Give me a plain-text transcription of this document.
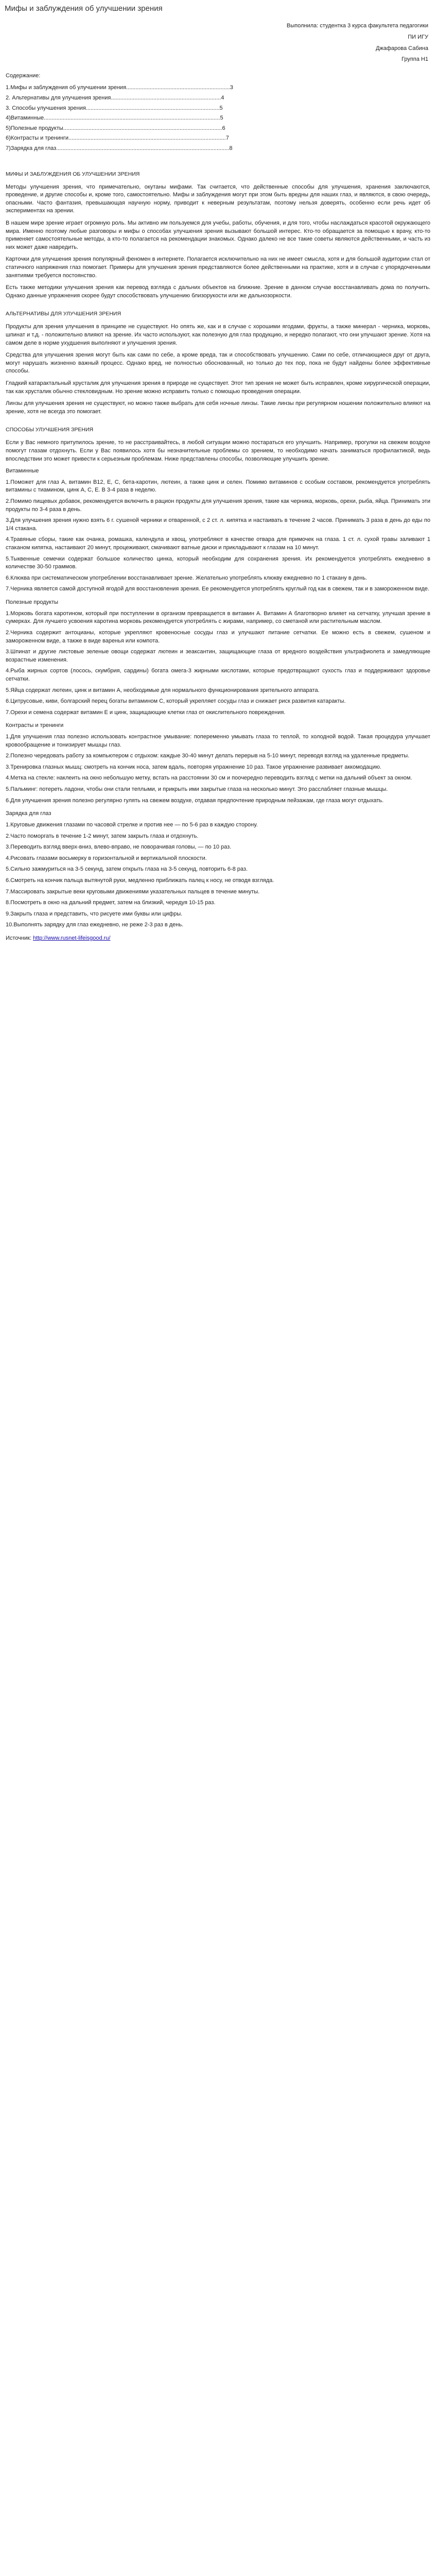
Мифы и заблуждения об улучшении зрения
Выполнила: студентка 3 курса факультета педагогики
ПИ ИГУ
Джафарова Сабина
Группа Н1
Содержание:
1.Мифы и заблуждения об улучшении зрения..................................................................3
2. Альтернативы для улучшения зрения......................................................................4
3. Способы улучшения зрения.....................................................................................5
4)Витаминные................................................................................................................5
5)Полезные продукты.....................................................................................................6
6)Контрасты и тренинги....................................................................................................7
7)Зарядка для глаз..............................................................................................................8
МИФЫ И ЗАБЛУЖДЕНИЯ ОБ УЛУЧШЕНИИ ЗРЕНИЯ

Методы улучшения зрения, что примечательно, окутаны мифами. Так считается, что действенные способы для улучшения, хранения заключаются, проведение, и другие способы и, кроме того, самостоятельно. Мифы и заблуждения могут при этом быть вредны для наших глаз, и являются, в свою очередь, опасными. Часто фантазия, превышающая научную норму, приводит к неверным результатам, поэтому нельзя доверять, особенно если речь идет об экспериментах на зрении.

В нашем мире зрение играет огромную роль. Мы активно им пользуемся для учебы, работы, обучения, и для того, чтобы наслаждаться красотой окружающего мира. Именно поэтому любые разговоры и мифы о способах улучшения зрения вызывают большой интерес. Кто-то обращается за помощью к врачу, кто-то применяет самостоятельные методы, а кто-то полагается на рекомендации знакомых. Однако далеко не все такие советы являются действенными, и часть из них может даже навредить.

Карточки для улучшения зрения популярный феномен в интернете. Полагается исключительно на них не имеет смысла, хотя и для большой аудитории стал от статичного напряжения глаз помогает. Примеры для улучшения зрения представляются более действенными на практике, хотя и в случае с упорядоченными занятиями требуется постоянство.

Есть также методики улучшения зрения как перевод взгляда с дальних объектов на ближние. Зрение в данном случае восстанавливать дома по получить. Однако данные упражнения скорее будут способствовать улучшению близорукости или же дальнозоркости.

АЛЬТЕРНАТИВЫ ДЛЯ УЛУЧШЕНИЯ ЗРЕНИЯ

Продукты для зрения улучшения в принципе не существуют. Но опять же, как и в случае с хорошими ягодами, фрукты, а также минерал - черника, морковь, шпинат и т.д. - положительно влияют на зрение. Их часто используют, как полезную для глаз продукцию, и нередко полагают, что они улучшают зрение. Хотя на самом деле в норме ухудшения выполняют и улучшения зрения.

Средства для улучшения зрения могут быть как сами по себе, а кроме вреда, так и способствовать улучшению. Сами по себе, отличающиеся друг от друга, могут нарушать жизненно важный процесс. Однако вред, не полностью обоснованный, но только до тех пор, пока не будут найдены более эффективные способы.

Гладкий катарактальный хрусталик для улучшения зрения в природе не существует. Этот тип зрения не может быть исправлен, кроме хирургической операции, так как хрусталик обычно стекловидным. Но зрение можно исправить только с помощью проведения операции.

Линзы для улучшения зрения не существуют, но можно также выбрать для себя ночные линзы. Такие линзы при регулярном ношении положительно влияют на зрение, хотя не всегда это помогает.

СПОСОБЫ УЛУЧШЕНИЯ ЗРЕНИЯ

Если у Вас немного притупилось зрение, то не расстраивайтесь, в любой ситуации можно постараться его улучшить. Например, прогулки на свежем воздухе помогут глазам отдохнуть. Если у Вас появилось хотя бы незначительные проблемы со зрением, то необходимо начать заниматься профилактикой, ведь впоследствии это может привести к серьезным проблемам. Ниже представлены способы, позволяющие улучшить зрение.

Витаминные
1.Поможет для глаз A, витамин В12, Е, С, бета-каротин, лютеин, а также цинк и селен. Помимо витаминов с особым составом, рекомендуется употреблять витамины с тиамином, цинк А, С, Е. В 3-4 раза в неделю.
2.Помимо пищевых добавок, рекомендуется включить в рацион продукты для улучшения зрения, такие как черника, морковь, орехи, рыба, яйца. Принимать эти продукты по 3-4 раза в день.
3.Для улучшения зрения нужно взять 6 г. сушеной черники и отваренной, с 2 ст. л. кипятка и настаивать в течение 2 часов. Принимать 3 раза в день до еды по 1/4 стакана.
4.Травяные сборы, такие как очанка, ромашка, календула и хвощ, употребляют в качестве отвара для примочек на глаза. 1 ст. л. сухой травы заливают 1 стаканом кипятка, настаивают 20 минут, процеживают, смачивают ватные диски и прикладывают к глазам на 10 минут.
5.Тыквенные семечки содержат большое количество цинка, который необходим для сохранения зрения. Их рекомендуется употреблять ежедневно в количестве 30-50 граммов.
6.Клюква при систематическом употреблении восстанавливает зрение. Желательно употреблять клюкву ежедневно по 1 стакану в день.
7.Черника является самой доступной ягодой для восстановления зрения. Ее рекомендуется употреблять круглый год как в свежем, так и в замороженном виде.
Полезные продукты
1.Морковь богата каротином, который при поступлении в организм превращается в витамин А. Витамин А благотворно влияет на сетчатку, улучшая зрение в сумерках. Для лучшего усвоения каротина морковь рекомендуется употреблять с жирами, например, со сметаной или растительным маслом.
2.Черника содержит антоцианы, которые укрепляют кровеносные сосуды глаз и улучшают питание сетчатки. Ее можно есть в свежем, сушеном и замороженном виде, а также в виде варенья или компота.
3.Шпинат и другие листовые зеленые овощи содержат лютеин и зеаксантин, защищающие глаза от вредного воздействия ультрафиолета и замедляющие возрастные изменения.
4.Рыба жирных сортов (лосось, скумбрия, сардины) богата омега-3 жирными кислотами, которые предотвращают сухость глаз и поддерживают здоровье сетчатки.
5.Яйца содержат лютеин, цинк и витамин А, необходимые для нормального функционирования зрительного аппарата.
6.Цитрусовые, киви, болгарский перец богаты витамином С, который укрепляет сосуды глаз и снижает риск развития катаракты.
7.Орехи и семена содержат витамин Е и цинк, защищающие клетки глаз от окислительного повреждения.
Контрасты и тренинги
1.Для улучшения глаз полезно использовать контрастное умывание: попеременно умывать глаза то теплой, то холодной водой. Такая процедура улучшает кровообращение и тонизирует мышцы глаз.
2.Полезно чередовать работу за компьютером с отдыхом: каждые 30-40 минут делать перерыв на 5-10 минут, переводя взгляд на удаленные предметы.
3.Тренировка глазных мышц: смотреть на кончик носа, затем вдаль, повторяя упражнение 10 раз. Такое упражнение развивает аккомодацию.
4.Метка на стекле: наклеить на окно небольшую метку, встать на расстоянии 30 см и поочередно переводить взгляд с метки на дальний объект за окном.
5.Пальминг: потереть ладони, чтобы они стали теплыми, и прикрыть ими закрытые глаза на несколько минут. Это расслабляет глазные мышцы.
6.Для улучшения зрения полезно регулярно гулять на свежем воздухе, отдавая предпочтение природным пейзажам, где глаза могут отдыхать.
Зарядка для глаз
1.Круговые движения глазами по часовой стрелке и против нее — по 5-6 раз в каждую сторону.
2.Часто поморгать в течение 1-2 минут, затем закрыть глаза и отдохнуть.
3.Переводить взгляд вверх-вниз, влево-вправо, не поворачивая головы, — по 10 раз.
4.Рисовать глазами восьмерку в горизонтальной и вертикальной плоскости.
5.Сильно зажмуриться на 3-5 секунд, затем открыть глаза на 3-5 секунд, повторить 6-8 раз.
6.Смотреть на кончик пальца вытянутой руки, медленно приближать палец к носу, не отводя взгляда.
7.Массировать закрытые веки круговыми движениями указательных пальцев в течение минуты.
8.Посмотреть в окно на дальний предмет, затем на близкий, чередуя 10-15 раз.
9.Закрыть глаза и представить, что рисуете ими буквы или цифры.
10.Выполнять зарядку для глаз ежедневно, не реже 2-3 раз в день.
Источник: http://www.rusnet-lifeisgood.ru/
